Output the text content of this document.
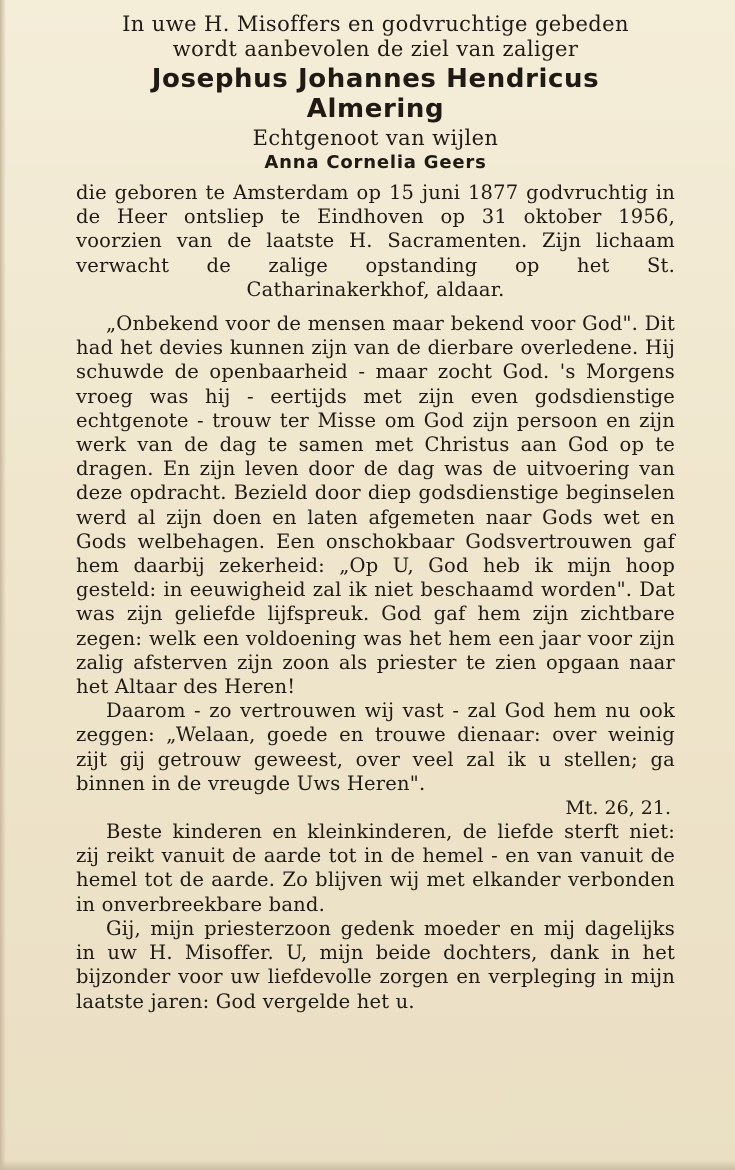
In uwe H. Misoffers en godvruchtige gebeden

wordt aanbevolen de ziel van zaliger

Josephus Johannes Hendricus

Almering

Echtgenoot van wijlen

Anna Cornelia Geers

die geboren te Amsterdam op 15 juni 1877 godvruchtig in de Heer ontsliep te Eindhoven op 31 oktober 1956, voorzien van de laatste H. Sacramenten. Zijn lichaam verwacht de zalige opstanding op het St. Catharinakerkhof, aldaar.

„Onbekend voor de mensen maar bekend voor God". Dit had het devies kunnen zijn van de dierbare overledene. Hij schuwde de openbaarheid - maar zocht God. 's Morgens vroeg was hij - eertijds met zijn even godsdienstige echtgenote - trouw ter Misse om God zijn persoon en zijn werk van de dag te samen met Christus aan God op te dragen. En zijn leven door de dag was de uitvoering van deze opdracht. Bezield door diep godsdienstige beginselen werd al zijn doen en laten afgemeten naar Gods wet en Gods welbehagen. Een onschokbaar Godsvertrouwen gaf hem daarbij zekerheid: „Op U, God heb ik mijn hoop gesteld: in eeuwigheid zal ik niet beschaamd worden". Dat was zijn geliefde lijfspreuk. God gaf hem zijn zichtbare zegen: welk een voldoening was het hem een jaar voor zijn zalig afsterven zijn zoon als priester te zien opgaan naar het Altaar des Heren!

Daarom - zo vertrouwen wij vast - zal God hem nu ook zeggen: „Welaan, goede en trouwe dienaar: over weinig zijt gij getrouw geweest, over veel zal ik u stellen; ga binnen in de vreugde Uws Heren".

Mt. 26, 21.

Beste kinderen en kleinkinderen, de liefde sterft niet: zij reikt vanuit de aarde tot in de hemel - en van vanuit de hemel tot de aarde. Zo blijven wij met elkander verbonden in onverbreekbare band.

Gij, mijn priesterzoon gedenk moeder en mij dagelijks in uw H. Misoffer. U, mijn beide dochters, dank in het bijzonder voor uw liefdevolle zorgen en verpleging in mijn laatste jaren: God vergelde het u.
